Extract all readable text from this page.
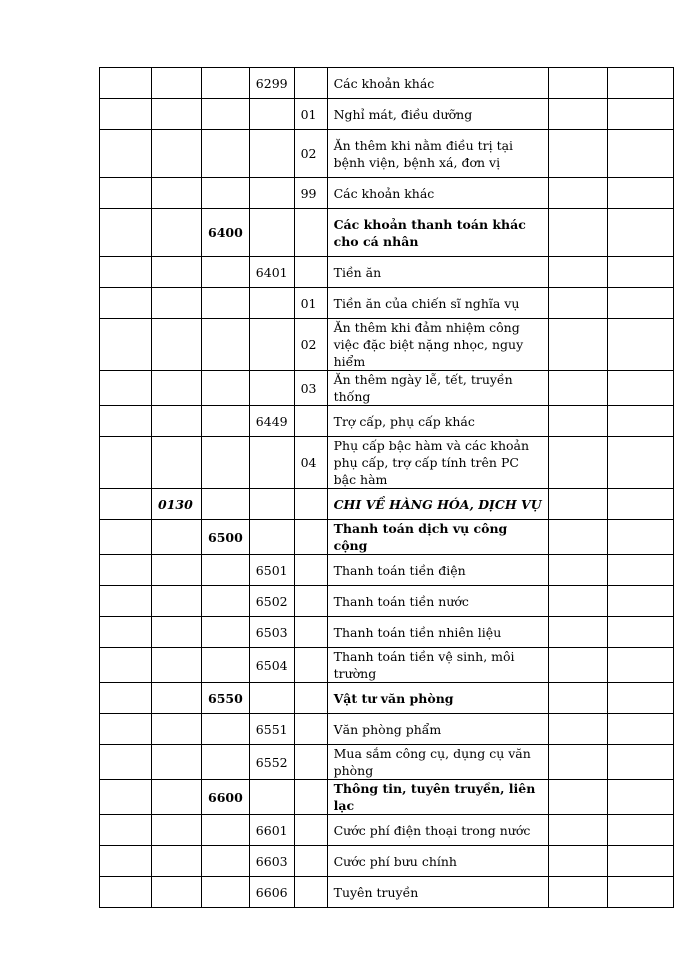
			6299		Các khoản khác		
				01	Nghỉ mát, điều dưỡng		
				02	Ăn thêm khi nằm điều trị tại bệnh viện, bệnh xá, đơn vị		
				99	Các khoản khác		
		6400			Các khoản thanh toán khác cho cá nhân		
			6401		Tiền ăn		
				01	Tiền ăn của chiến sĩ nghĩa vụ		
				02	Ăn thêm khi đảm nhiệm công việc đặc biệt nặng nhọc, nguy hiểm		
				03	Ăn thêm ngày lễ, tết, truyền thống		
			6449		Trợ cấp, phụ cấp khác		
				04	Phụ cấp bậc hàm và các khoản phụ cấp, trợ cấp tính trên PC bậc hàm		
	0130				CHI VỀ HÀNG HÓA, DỊCH VỤ		
		6500			Thanh toán dịch vụ công cộng		
			6501		Thanh toán tiền điện		
			6502		Thanh toán tiền nước		
			6503		Thanh toán tiền nhiên liệu		
			6504		Thanh toán tiền vệ sinh, môi trường		
		6550			Vật tư văn phòng		
			6551		Văn phòng phẩm		
			6552		Mua sắm công cụ, dụng cụ văn phòng		
		6600			Thông tin, tuyên truyền, liên lạc		
			6601		Cước phí điện thoại trong nước		
			6603		Cước phí bưu chính		
			6606		Tuyên truyền		
